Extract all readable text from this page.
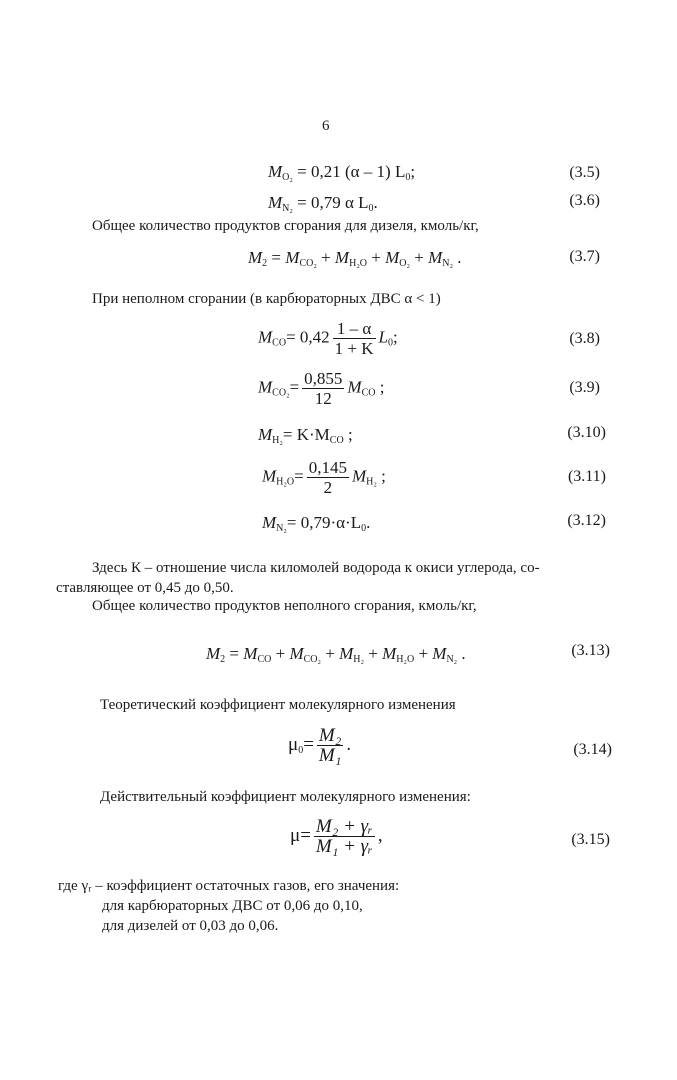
6
$M_{O_2} = 0,21$ (α – 1) $L_0$;	(3.5)
$M_{N_2} = 0,79$ α $L_0$.	(3.6)
Общее количество продуктов сгорания для дизеля, кмоль/кг,
$M_2 = M_{CO_2} + M_{H_2O} + M_{O_2} + M_{N_2}$ .	(3.7)
При неполном сгорании (в карбюраторных ДВС α < 1)
$M_{CO}= 0,42 \frac{1 - \alpha}{1 + K} L_0$;	(3.8)
$M_{CO_2}= \frac{0,855}{12} M_{CO}$ ;	(3.9)
$M_{H_2}= K\cdot M_{CO}$ ;	(3.10)
$M_{H_2O}= \frac{0,145}{2} M_{H_2}$ ;	(3.11)
$M_{N_2}= 0,79\cdot\alpha\cdot L_0$.	(3.12)
Здесь К – отношение числа киломолей водорода к окиси углерода, со-
ставляющее от 0,45 до 0,50.
Общее количество продуктов неполного сгорания, кмоль/кг,
$M_2 = M_{CO} + M_{CO_2} + M_{H_2} + M_{H_2O} + M_{N_2}$ .	(3.13)
Теоретический коэффициент молекулярного изменения
$\mu_0= \frac{\text{M₂}}{\text{M₁}}$ .	(3.14)
Действительный коэффициент молекулярного изменения:
$\mu= \frac{\text{M₂ + γᵣ}}{\text{M₁ + γᵣ}}$ ,	(3.15)
где γᵣ – коэффициент остаточных газов, его значения:
для карбюраторных ДВС от 0,06 до 0,10,
для дизелей от 0,03 до 0,06.
